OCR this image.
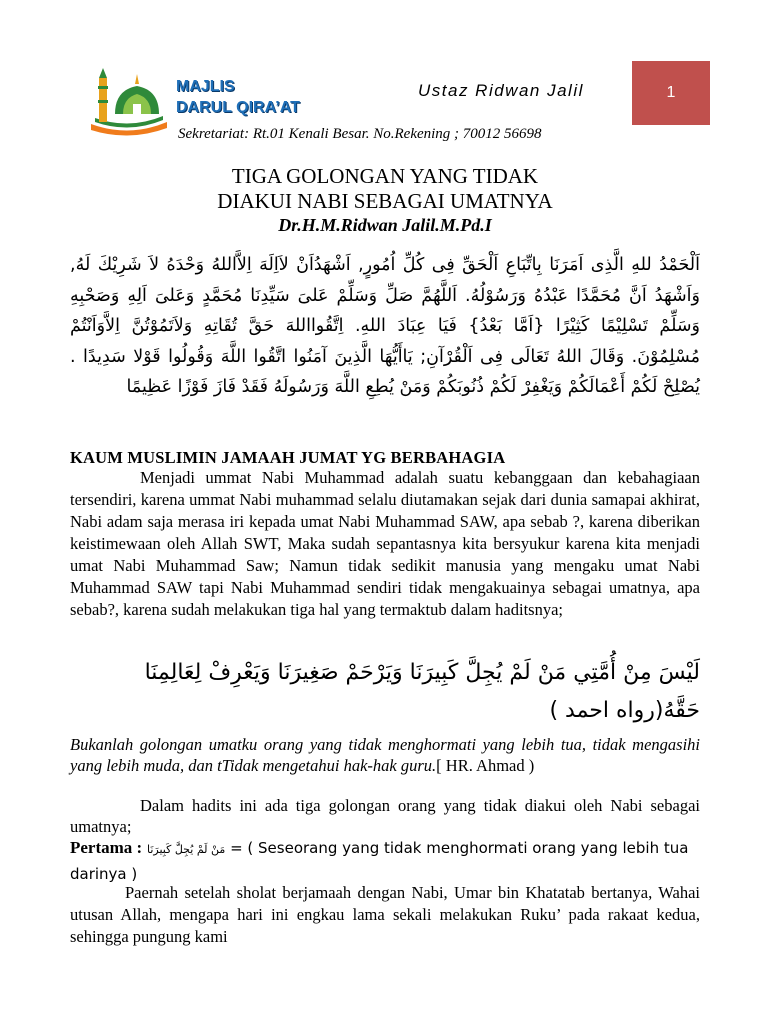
1
MAJLIS
DARUL QIRA’AT
Ustaz Ridwan Jalil
Sekretariat: Rt.01 Kenali Besar. No.Rekening ; 70012 56698
TIGA GOLONGAN YANG TIDAK
DIAKUI NABI SEBAGAI UMATNYA
Dr.H.M.Ridwan Jalil.M.Pd.I
اَلْحَمْدُ للهِ الَّذِى اَمَرَنَا بِاتِّبَاعِ اَلْحَقِّ فِى كُلِّ اُمُورٍ, اَشْهَدُاَنْ لاَاِلَهَ اِلاَّاللهُ وَحْدَهُ لاَ شَرِيْكَ لَهُ, وَاَشْهَدُ اَنَّ مُحَمَّدًا عَبْدُهُ وَرَسُوْلُهُ. اَللَّهُمَّ صَلِّ وَسَلِّمْ عَلىَ سَيِّدِنَا مُحَمَّدٍ وَعَلىَ اَلِهِ وَصَحْبِهِ وَسَلِّمْ تَسْلِيْمًا كَثِيْرًا {اَمَّا بَعْدُ} فَيَا عِبَادَ اللهِ. اِتَّقُوااللهَ حَقَّ تُقَاتِهِ وَلاَتَمُوْتُنَّ اِلاَّوَاَنْتُمْ مُسْلِمُوْنَ. وَقَالَ اللهُ تَعَالَى فِى اَلْقُرْآنِ; يَاأَيُّهَا الَّذِينَ آمَنُوا اتَّقُوا اللَّهَ وَقُولُوا قَوْلا سَدِيدًا . يُصْلِحْ لَكُمْ أَعْمَالَكُمْ وَيَغْفِرْ لَكُمْ ذُنُوبَكُمْ وَمَنْ يُطِعِ اللَّهَ وَرَسُولَهُ فَقَدْ فَازَ فَوْزًا عَظِيمًا
KAUM MUSLIMIN JAMAAH JUMAT YG BERBAHAGIA
Menjadi ummat Nabi Muhammad adalah suatu kebanggaan dan kebahagiaan tersendiri, karena ummat Nabi muhammad selalu diutamakan sejak dari dunia samapai akhirat, Nabi adam saja merasa iri kepada umat Nabi Muhammad SAW, apa sebab ?, karena diberikan keistimewaan oleh Allah SWT, Maka sudah sepantasnya kita bersyukur karena kita menjadi umat Nabi Muhammad Saw; Namun tidak sedikit manusia yang mengaku umat Nabi Muhammad SAW tapi Nabi Muhammad sendiri tidak mengakuainya sebagai umatnya, apa sebab?, karena sudah melakukan tiga hal yang termaktub dalam haditsnya;
لَيْسَ مِنْ أُمَّتِي مَنْ لَمْ يُجِلَّ كَبِيرَنَا وَيَرْحَمْ صَغِيرَنَا وَيَعْرِفْ لِعَالِمِنَا حَقَّهُ(رواه احمد )
Bukanlah golongan umatku orang yang tidak menghormati yang lebih tua, tidak mengasihi yang lebih muda, dan tTidak mengetahui hak-hak guru.[ HR. Ahmad )
Dalam hadits ini ada tiga golongan orang yang tidak diakui oleh Nabi sebagai umatnya;
Pertama : مَنْ لَمْ يُجِلَّ كَبِيرَنَا = ( Seseorang yang tidak menghormati orang yang lebih tua darinya )
Paernah setelah sholat berjamaah dengan Nabi, Umar bin Khatatab bertanya, Wahai utusan Allah, mengapa hari ini engkau lama sekali melakukan Ruku’ pada rakaat kedua, sehingga pungung kami
